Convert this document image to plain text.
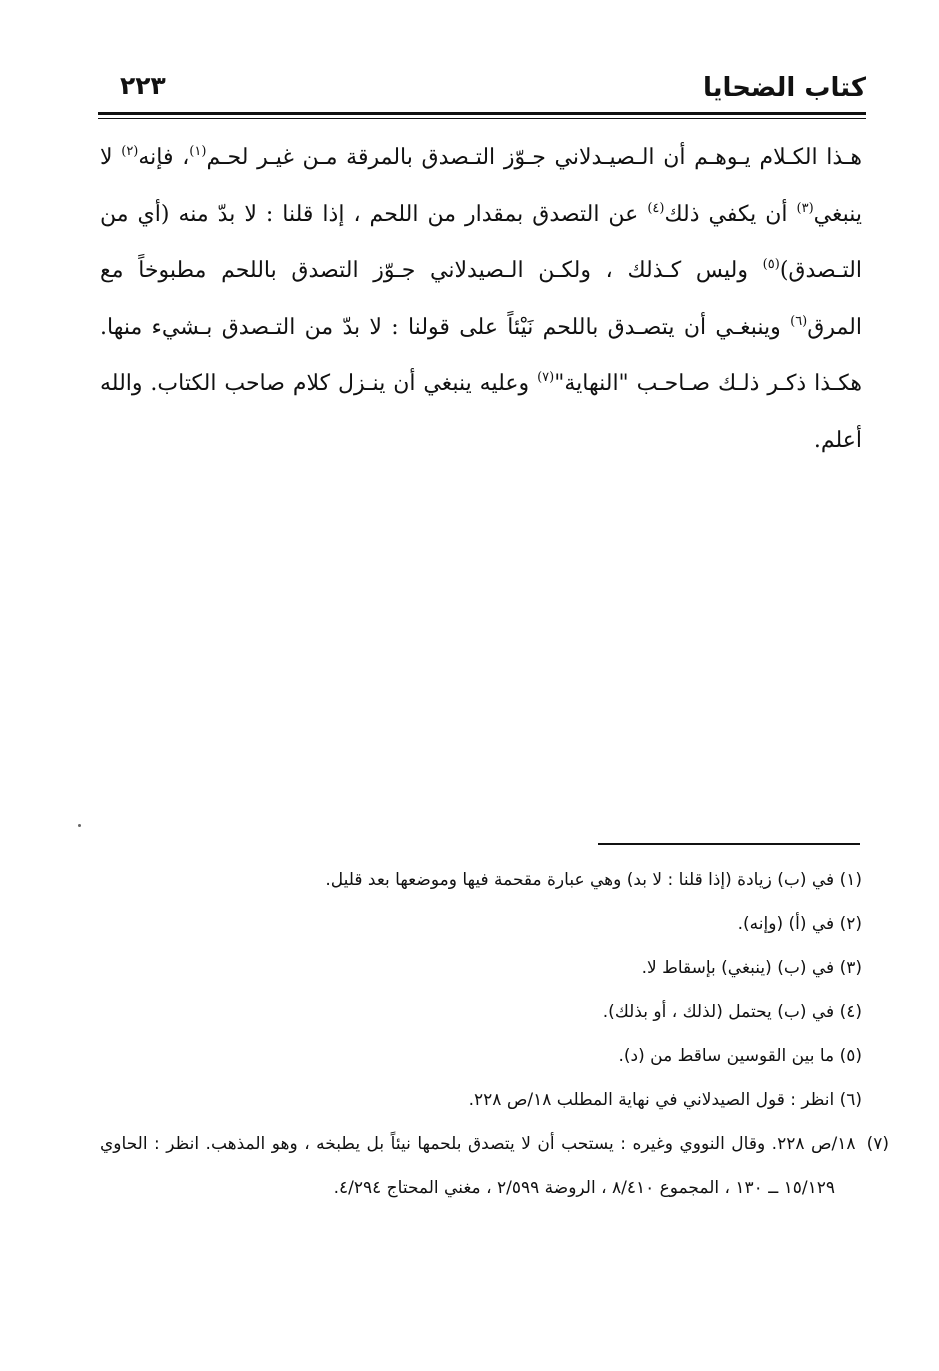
كتاب الضحايا
٢٢٣
هـذا الكـلام يـوهـم أن الـصيـدلاني جـوّز التـصدق بالمرقة مـن غيـر لحـم$^{(١)}$، فإنه$^{(٢)}$ لا ينبغي$^{(٣)}$ أن يكفي ذلك$^{(٤)}$ عن التصدق بمقدار من اللحم ، إذا قلنا : لا بدّ منه (أي من التـصدق)$^{(٥)}$ وليس كـذلك ، ولكـن الـصيدلاني جـوّز التصدق باللحم مطبوخاً مع المرق$^{(٦)}$ وينبغـي أن يتصـدق باللحم نَيْئاً على قولنا : لا بدّ من التـصدق بـشيء منها. هكـذا ذكـر ذلـك صـاحـب "النهاية"$^{(٧)}$ وعليه ينبغي أن ينـزل كلام صاحب الكتاب. والله أعلم.

(١) في (ب) زيادة (إذا قلنا : لا بد) وهي عبارة مقحمة فيها وموضعها بعد قليل.

(٢) في (أ) (وإنه).

(٣) في (ب) (ينبغي) بإسقاط لا.

(٤) في (ب) يحتمل (لذلك ، أو بذلك).

(٥) ما بين القوسين ساقط من (د).

(٦) انظر : قول الصيدلاني في نهاية المطلب ١٨/ص ٢٢٨.

(٧) ١٨/ص ٢٢٨. وقال النووي وغيره : يستحب أن لا يتصدق بلحمها نيئاً بل يطبخه ، وهو المذهب. انظر : الحاوي ١٥/١٢٩ ــ ١٣٠ ، المجموع ٨/٤١٠ ، الروضة ٢/٥٩٩ ، مغني المحتاج ٤/٢٩٤.
